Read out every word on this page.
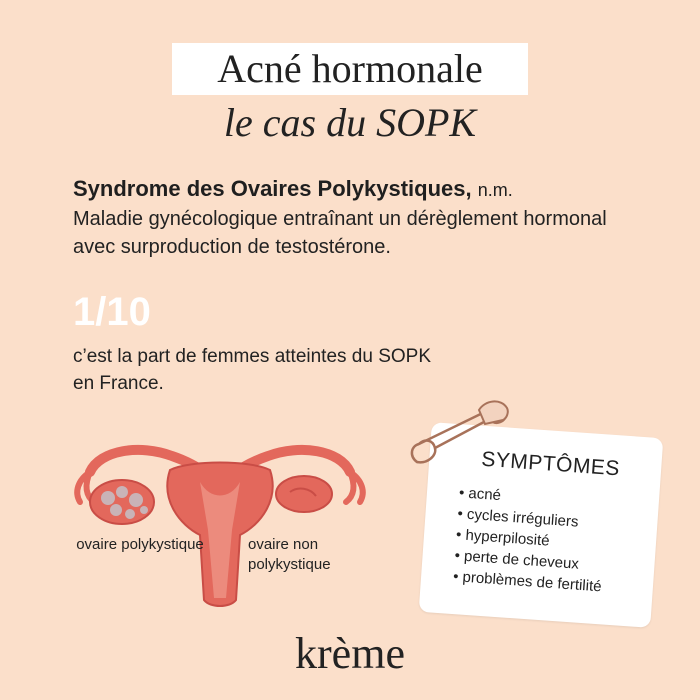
Acné hormonale
le cas du SOPK
Syndrome des Ovaires Polykystiques, n.m.
Maladie gynécologique entraînant un dérèglement hormonal avec surproduction de testostérone.
1/10
c’est la part de femmes atteintes du SOPK en France.
ovaire polykystique	ovaire non polykystique
SYMPTÔMES
• acné
• cycles irréguliers
• hyperpilosité
• perte de cheveux
• problèmes de fertilité
krème
